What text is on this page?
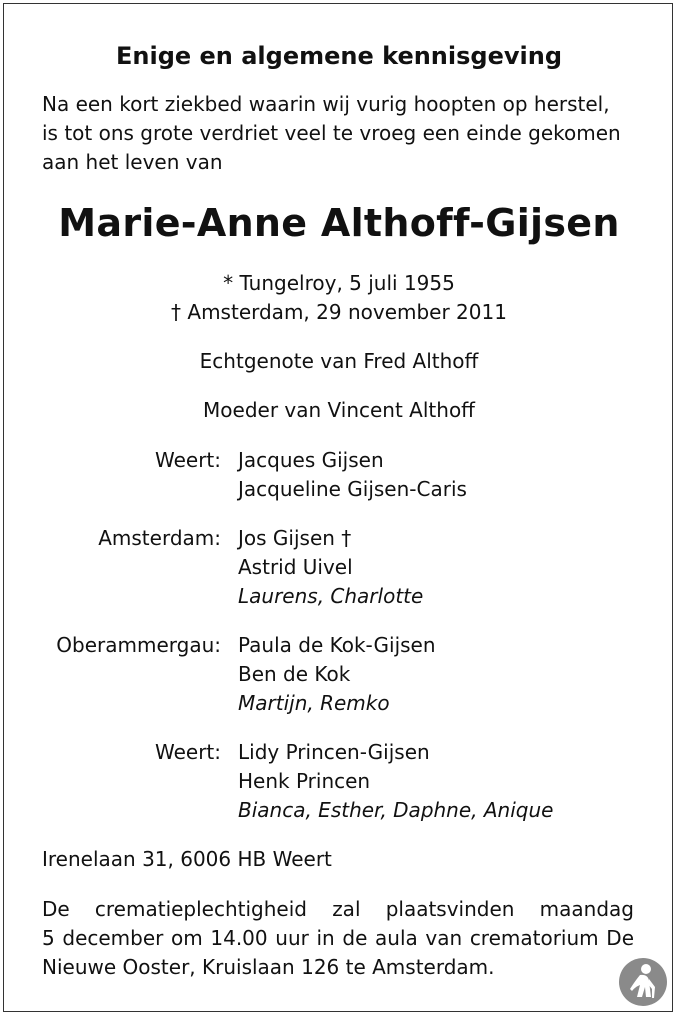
Enige en algemene kennisgeving
Na een kort ziekbed waarin wij vurig hoopten op herstel,
is tot ons grote verdriet veel te vroeg een einde gekomen
aan het leven van
Marie-Anne Althoff-Gijsen
* Tungelroy, 5 juli 1955
† Amsterdam, 29 november 2011
Echtgenote van Fred Althoff
Moeder van Vincent Althoff
Weert: Jacques Gijsen
Jacqueline Gijsen-Caris
Amsterdam: Jos Gijsen †
Astrid Uivel
Laurens, Charlotte
Oberammergau: Paula de Kok-Gijsen
Ben de Kok
Martijn, Remko
Weert: Lidy Princen-Gijsen
Henk Princen
Bianca, Esther, Daphne, Anique
Irenelaan 31, 6006 HB Weert
De crematieplechtigheid zal plaatsvinden maandag
5 december om 14.00 uur in de aula van crematorium De
Nieuwe Ooster, Kruislaan 126 te Amsterdam.
